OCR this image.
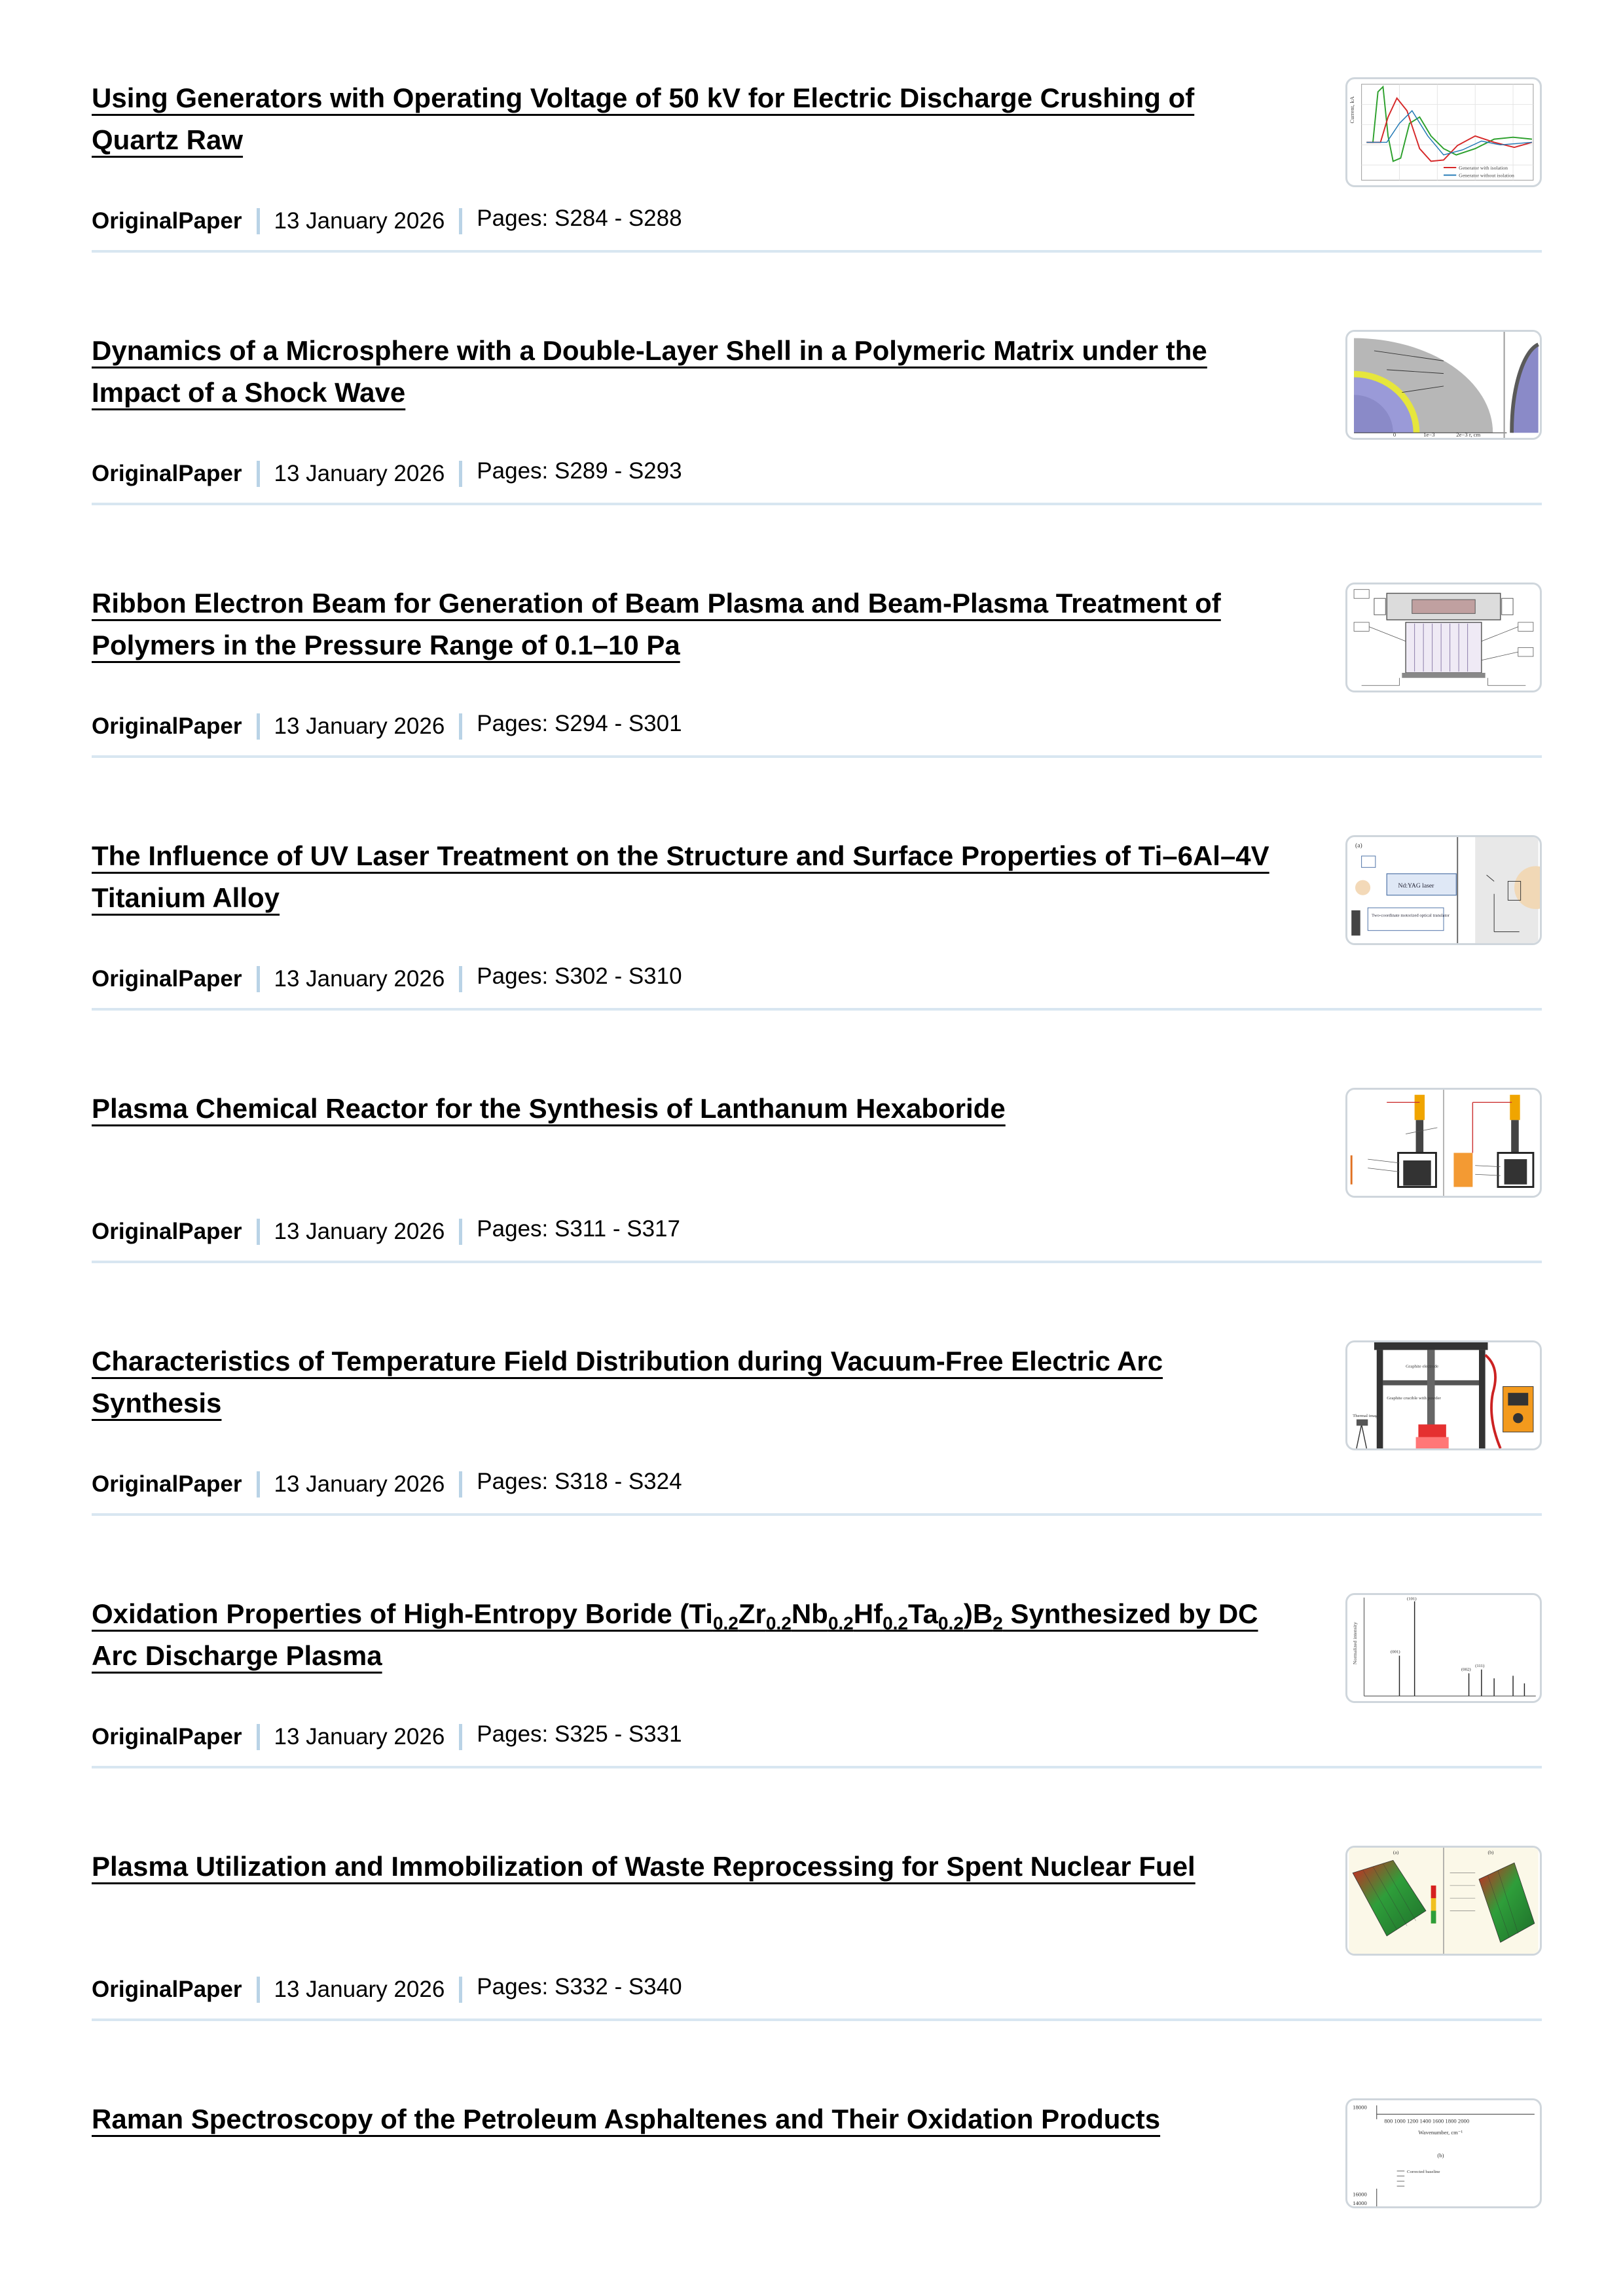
Using Generators with Operating Voltage of 50 kV for Electric Discharge Crushing of Quartz Raw
OriginalPaper 13 January 2026 Pages: S284 - S288
Current, kA
Generator with isolation
Generator without isolation
Dynamics of a Microsphere with a Double-Layer Shell in a Polymeric Matrix under the Impact of a Shock Wave
OriginalPaper 13 January 2026 Pages: S289 - S293
0	1e−3	2e−3 r, cm
Ribbon Electron Beam for Generation of Beam Plasma and Beam-Plasma Treatment of Polymers in the Pressure Range of 0.1–10 Pa
OriginalPaper 13 January 2026 Pages: S294 - S301
The Influence of UV Laser Treatment on the Structure and Surface Properties of Ti–6Al–4V Titanium Alloy
OriginalPaper 13 January 2026 Pages: S302 - S310
(a)
Nd:YAG laser
Two-coordinate motorized optical translator
Plasma Chemical Reactor for the Synthesis of Lanthanum Hexaboride
OriginalPaper 13 January 2026 Pages: S311 - S317
Characteristics of Temperature Field Distribution during Vacuum-Free Electric Arc Synthesis
OriginalPaper 13 January 2026 Pages: S318 - S324
Graphite electrode
Graphite crucible with powder
Thermal imager
Oxidation Properties of High-Entropy Boride $(Ti_{0.2}Zr_{0.2}Nb_{0.2}Hf_{0.2}Ta_{0.2})B_2$ Synthesized by DC Arc Discharge Plasma
OriginalPaper 13 January 2026 Pages: S325 - S331
Normalized intensity	(001)
(101)
(002)
(111)
Plasma Utilization and Immobilization of Waste Reprocessing for Spent Nuclear Fuel
OriginalPaper 13 January 2026 Pages: S332 - S340
(a)	(b)
Raman Spectroscopy of the Petroleum Asphaltenes and Their Oxidation Products	18000
800 1000 1200 1400 1600 1800 2000
Wavenumber, cm⁻¹
(b)
Corrected baseline
16000
14000
